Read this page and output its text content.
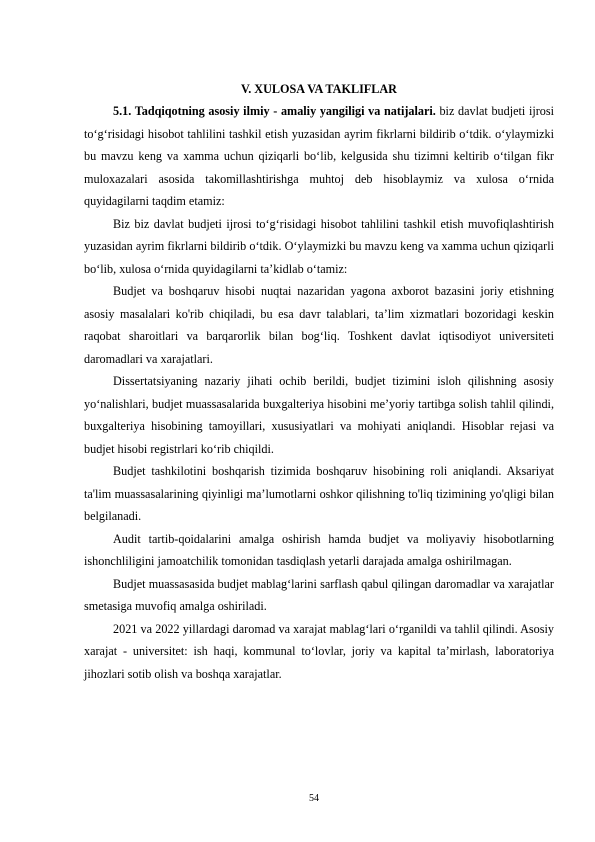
V. XULOSA VA TAKLIFLAR

5.1. Tadqiqotning asosiy ilmiy - amaliy yangiligi va natijalari. biz davlat budjeti ijrosi to‘g‘risidagi hisobot tahlilini tashkil etish yuzasidan ayrim fikrlarni bildirib o‘tdik. o‘ylaymizki bu mavzu keng va xamma uchun qiziqarli bo‘lib, kelgusida shu tizimni keltirib o‘tilgan fikr muloxazalari asosida takomillashtirishga muhtoj deb hisoblaymiz va xulosa o‘rnida quyidagilarni taqdim etamiz:

Biz biz davlat budjeti ijrosi to‘g‘risidagi hisobot tahlilini tashkil etish muvofiqlashtirish yuzasidan ayrim fikrlarni bildirib o‘tdik. O‘ylaymizki bu mavzu keng va xamma uchun qiziqarli bo‘lib, xulosa o‘rnida quyidagilarni ta’kidlab o‘tamiz:

Budjet va boshqaruv hisobi nuqtai nazaridan yagona axborot bazasini joriy etishning asosiy masalalari ko'rib chiqiladi, bu esa davr talablari, ta’lim xizmatlari bozoridagi keskin raqobat sharoitlari va barqarorlik bilan bog‘liq. Toshkent davlat iqtisodiyot universiteti daromadlari va xarajatlari.

Dissertatsiyaning nazariy jihati ochib berildi, budjet tizimini isloh qilishning asosiy yo‘nalishlari, budjet muassasalarida buxgalteriya hisobini me’yoriy tartibga solish tahlil qilindi, buxgalteriya hisobining tamoyillari, xususiyatlari va mohiyati aniqlandi. Hisoblar rejasi va budjet hisobi registrlari ko‘rib chiqildi.

Budjet tashkilotini boshqarish tizimida boshqaruv hisobining roli aniqlandi. Aksariyat ta'lim muassasalarining qiyinligi ma’lumotlarni oshkor qilishning to'liq tizimining yo'qligi bilan belgilanadi.

Audit tartib-qoidalarini amalga oshirish hamda budjet va moliyaviy hisobotlarning ishonchliligini jamoatchilik tomonidan tasdiqlash yetarli darajada amalga oshirilmagan.

Budjet muassasasida budjet mablag‘larini sarflash qabul qilingan daromadlar va xarajatlar smetasiga muvofiq amalga oshiriladi.

2021 va 2022 yillardagi daromad va xarajat mablag‘lari o‘rganildi va tahlil qilindi. Asosiy xarajat - universitet: ish haqi, kommunal to‘lovlar, joriy va kapital ta’mirlash, laboratoriya jihozlari sotib olish va boshqa xarajatlar.

54
